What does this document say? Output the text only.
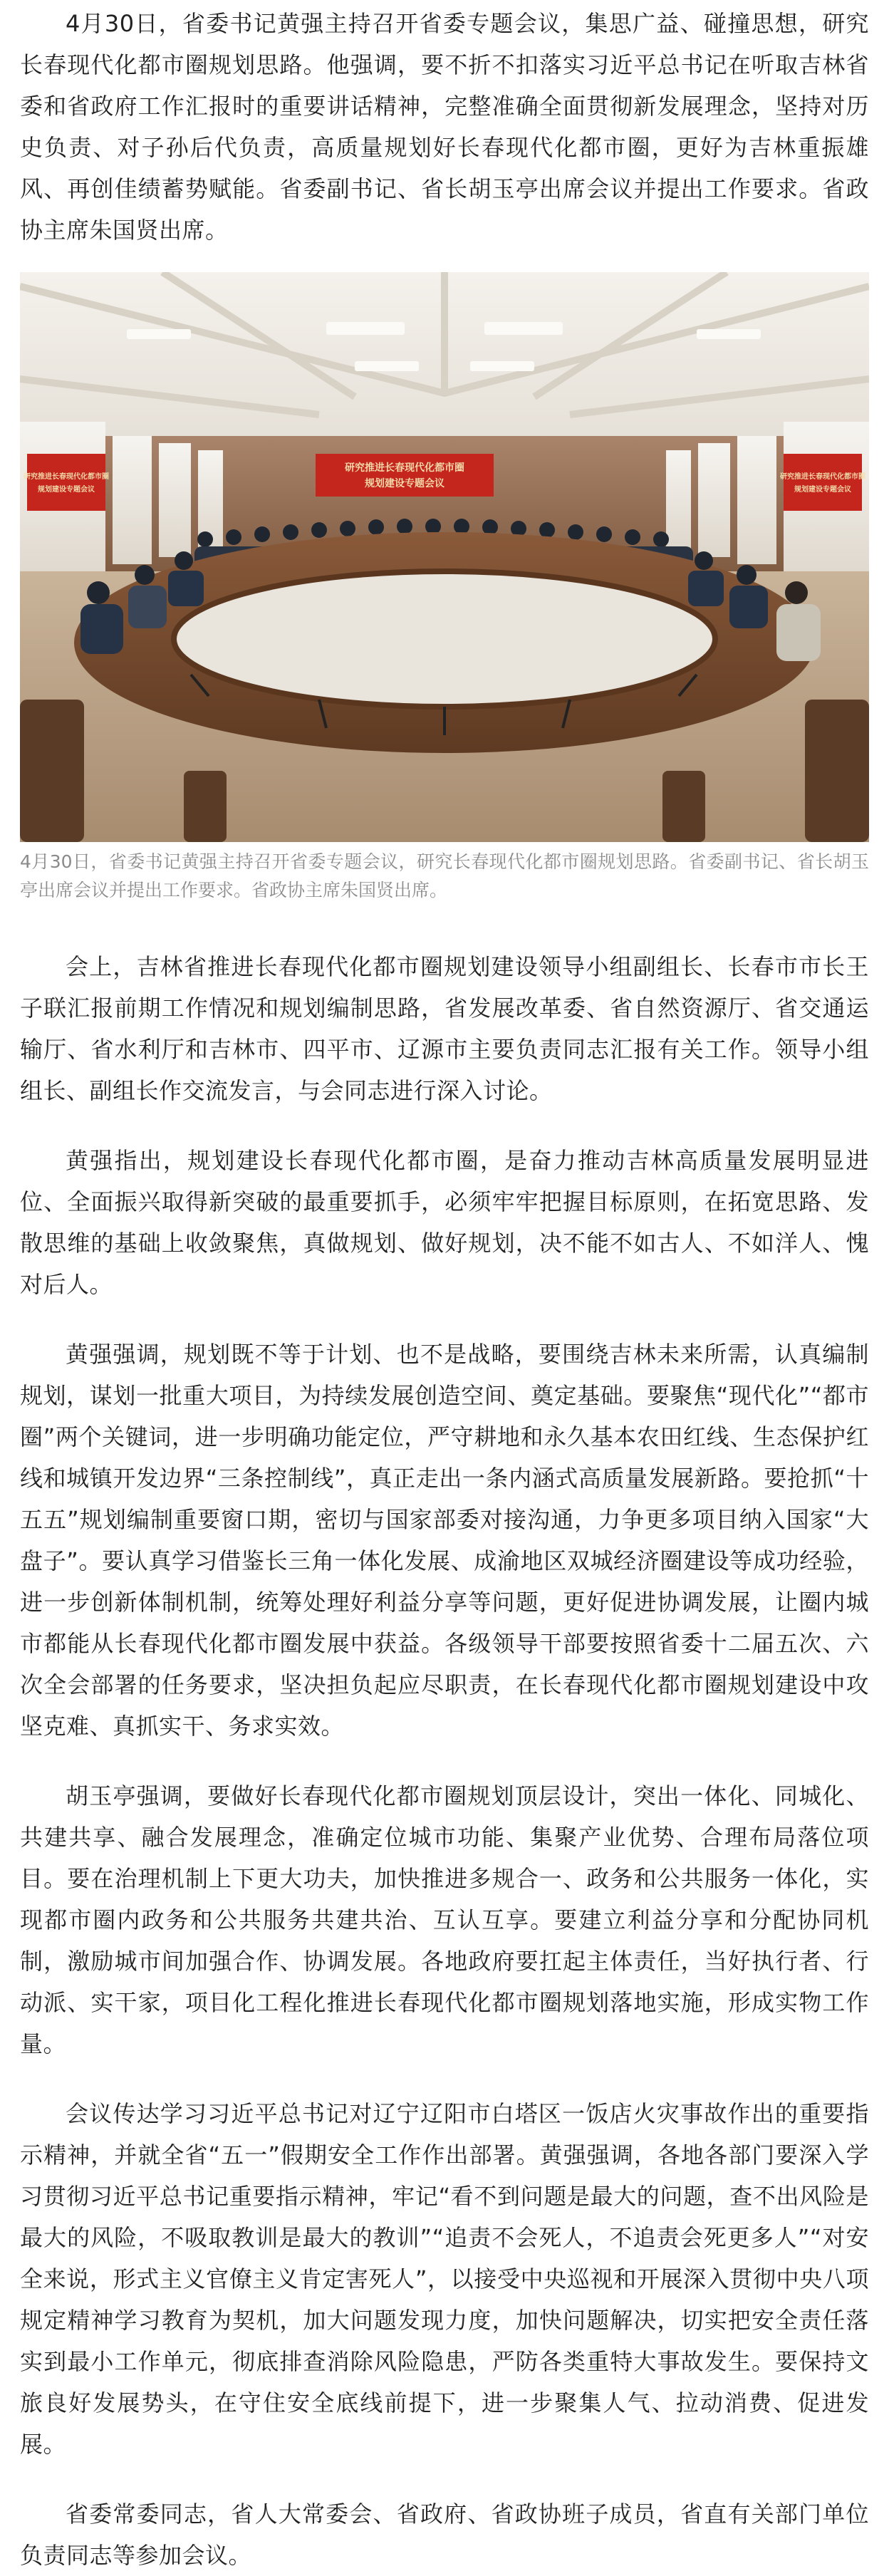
4月30日，省委书记黄强主持召开省委专题会议，集思广益、碰撞思想，研究长春现代化都市圈规划思路。他强调，要不折不扣落实习近平总书记在听取吉林省委和省政府工作汇报时的重要讲话精神，完整准确全面贯彻新发展理念，坚持对历史负责、对子孙后代负责，高质量规划好长春现代化都市圈，更好为吉林重振雄风、再创佳绩蓄势赋能。省委副书记、省长胡玉亭出席会议并提出工作要求。省政协主席朱国贤出席。

研究推进长春现代化都市圈
规划建设专题会议
研究推进长春现代化都市圈
规划建设专题会议
研究推进长春现代化都市圈
规划建设专题会议
4月30日，省委书记黄强主持召开省委专题会议，研究长春现代化都市圈规划思路。省委副书记、省长胡玉亭出席会议并提出工作要求。省政协主席朱国贤出席。

会上，吉林省推进长春现代化都市圈规划建设领导小组副组长、长春市市长王子联汇报前期工作情况和规划编制思路，省发展改革委、省自然资源厅、省交通运输厅、省水利厅和吉林市、四平市、辽源市主要负责同志汇报有关工作。领导小组组长、副组长作交流发言，与会同志进行深入讨论。

黄强指出，规划建设长春现代化都市圈，是奋力推动吉林高质量发展明显进位、全面振兴取得新突破的最重要抓手，必须牢牢把握目标原则，在拓宽思路、发散思维的基础上收敛聚焦，真做规划、做好规划，决不能不如古人、不如洋人、愧对后人。

黄强强调，规划既不等于计划、也不是战略，要围绕吉林未来所需，认真编制规划，谋划一批重大项目，为持续发展创造空间、奠定基础。要聚焦“现代化”“都市圈”两个关键词，进一步明确功能定位，严守耕地和永久基本农田红线、生态保护红线和城镇开发边界“三条控制线”，真正走出一条内涵式高质量发展新路。要抢抓“十五五”规划编制重要窗口期，密切与国家部委对接沟通，力争更多项目纳入国家“大盘子”。要认真学习借鉴长三角一体化发展、成渝地区双城经济圈建设等成功经验，进一步创新体制机制，统筹处理好利益分享等问题，更好促进协调发展，让圈内城市都能从长春现代化都市圈发展中获益。各级领导干部要按照省委十二届五次、六次全会部署的任务要求，坚决担负起应尽职责，在长春现代化都市圈规划建设中攻坚克难、真抓实干、务求实效。

胡玉亭强调，要做好长春现代化都市圈规划顶层设计，突出一体化、同城化、共建共享、融合发展理念，准确定位城市功能、集聚产业优势、合理布局落位项目。要在治理机制上下更大功夫，加快推进多规合一、政务和公共服务一体化，实现都市圈内政务和公共服务共建共治、互认互享。要建立利益分享和分配协同机制，激励城市间加强合作、协调发展。各地政府要扛起主体责任，当好执行者、行动派、实干家，项目化工程化推进长春现代化都市圈规划落地实施，形成实物工作量。

会议传达学习习近平总书记对辽宁辽阳市白塔区一饭店火灾事故作出的重要指示精神，并就全省“五一”假期安全工作作出部署。黄强强调，各地各部门要深入学习贯彻习近平总书记重要指示精神，牢记“看不到问题是最大的问题，查不出风险是最大的风险，不吸取教训是最大的教训”“追责不会死人，不追责会死更多人”“对安全来说，形式主义官僚主义肯定害死人”，以接受中央巡视和开展深入贯彻中央八项规定精神学习教育为契机，加大问题发现力度，加快问题解决，切实把安全责任落实到最小工作单元，彻底排查消除风险隐患，严防各类重特大事故发生。要保持文旅良好发展势头，在守住安全底线前提下，进一步聚集人气、拉动消费、促进发展。

省委常委同志，省人大常委会、省政府、省政协班子成员，省直有关部门单位负责同志等参加会议。
